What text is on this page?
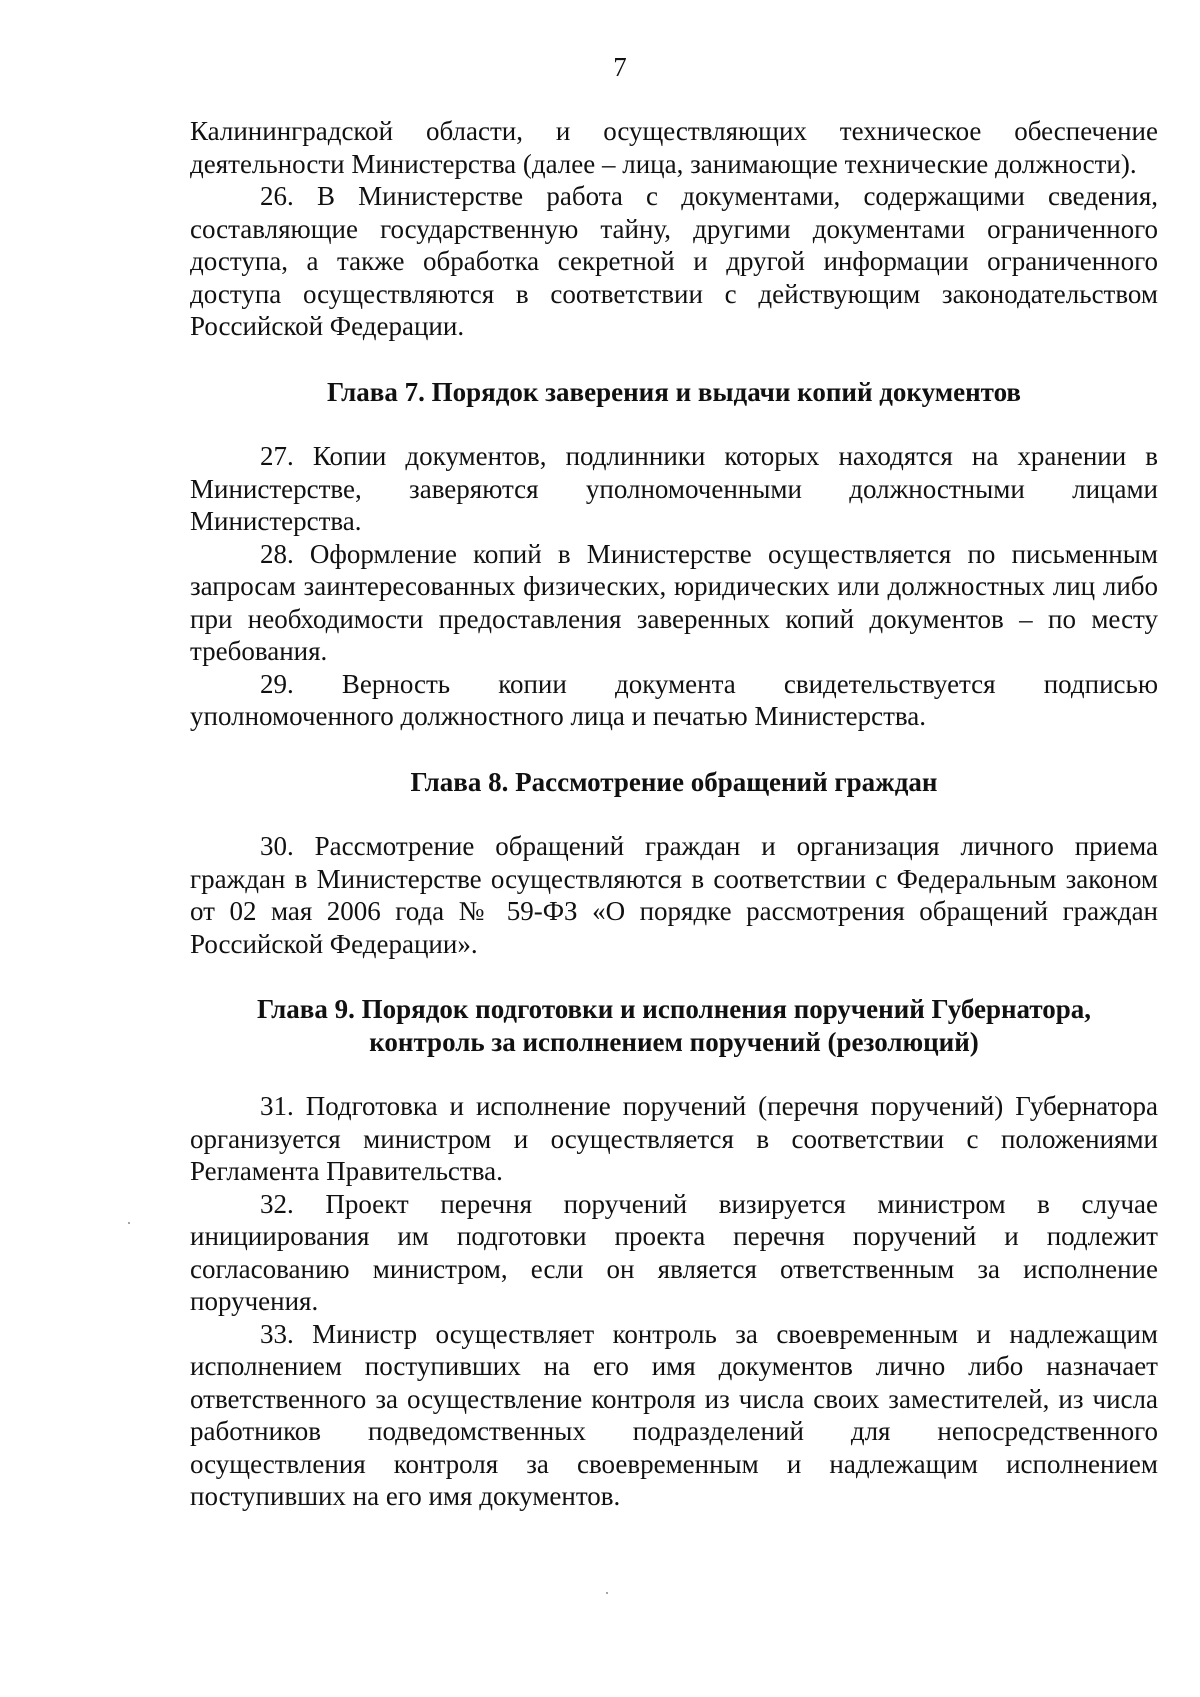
7

Калининградской области, и осуществляющих техническое обеспечение деятельности Министерства (далее – лица, занимающие технические должности).

26. В Министерстве работа с документами, содержащими сведения, составляющие государственную тайну, другими документами ограниченного доступа, а также обработка секретной и другой информации ограниченного доступа осуществляются в соответствии с действующим законодательством Российской Федерации.

Глава 7. Порядок заверения и выдачи копий документов

27. Копии документов, подлинники которых находятся на хранении в Министерстве, заверяются уполномоченными должностными лицами Министерства.

28. Оформление копий в Министерстве осуществляется по письменным запросам заинтересованных физических, юридических или должностных лиц либо при необходимости предоставления заверенных копий документов – по месту требования.

29. Верность копии документа свидетельствуется подписью уполномоченного должностного лица и печатью Министерства.

Глава 8. Рассмотрение обращений граждан

30. Рассмотрение обращений граждан и организация личного приема граждан в Министерстве осуществляются в соответствии с Федеральным законом от 02 мая 2006 года № 59-ФЗ «О порядке рассмотрения обращений граждан Российской Федерации».

Глава 9. Порядок подготовки и исполнения поручений Губернатора,
контроль за исполнением поручений (резолюций)

31. Подготовка и исполнение поручений (перечня поручений) Губернатора организуется министром и осуществляется в соответствии с положениями Регламента Правительства.

32. Проект перечня поручений визируется министром в случае инициирования им подготовки проекта перечня поручений и подлежит согласованию министром, если он является ответственным за исполнение поручения.

33. Министр осуществляет контроль за своевременным и надлежащим исполнением поступивших на его имя документов лично либо назначает ответственного за осуществление контроля из числа своих заместителей, из числа работников подведомственных подразделений для непосредственного осуществления контроля за своевременным и надлежащим исполнением поступивших на его имя документов.
